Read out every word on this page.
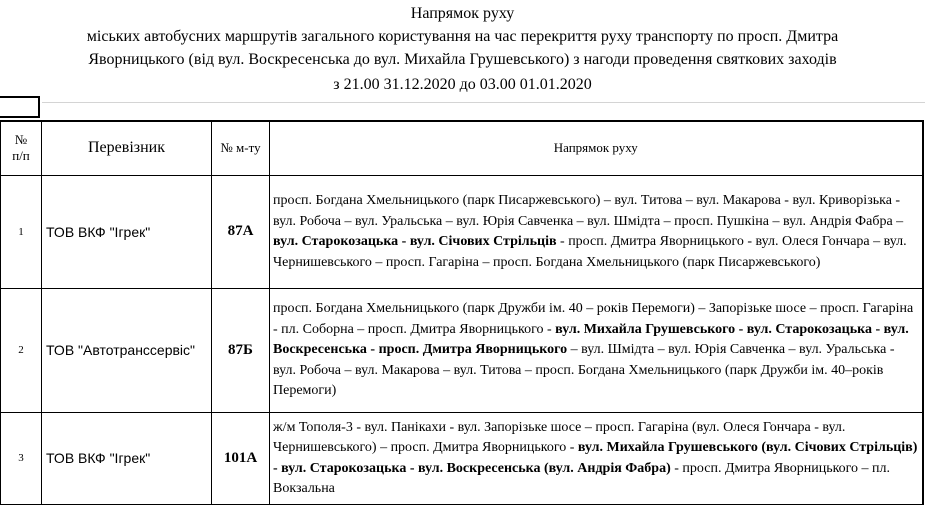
Напрямок руху
міських автобусних маршрутів загального користування на час перекриття руху транспорту по просп. Дмитра
Яворницького (від вул. Воскресенська до вул. Михайла Грушевського) з нагоди проведення святкових заходів
з 21.00 31.12.2020 до 03.00 01.01.2020
№
п/п	Перевізник	№ м-ту	Напрямок руху
1	ТОВ ВКФ "Ігрек"	87А	просп. Богдана Хмельницького (парк Писаржевського) – вул. Титова – вул. Макарова - вул. Криворізька - вул. Робоча – вул. Уральська – вул. Юрія Савченка – вул. Шмідта – просп. Пушкіна – вул. Андрія Фабра – вул. Старокозацька - вул. Січових Стрільців - просп. Дмитра Яворницького - вул. Олеся Гончара – вул. Чернишевського – просп. Гагаріна – просп. Богдана Хмельницького (парк Писаржевського)
2	ТОВ "Автотранссервіс"	87Б	просп. Богдана Хмельницького (парк Дружби ім. 40 – років Перемоги) – Запорізьке шосе – просп. Гагаріна - пл. Соборна – просп. Дмитра Яворницького - вул. Михайла Грушевського - вул. Старокозацька - вул. Воскресенська - просп. Дмитра Яворницького – вул. Шмідта – вул. Юрія Савченка – вул. Уральська - вул. Робоча – вул. Макарова – вул. Титова – просп. Богдана Хмельницького (парк Дружби ім. 40–років Перемоги)
3	ТОВ ВКФ "Ігрек"	101А	ж/м Тополя-3 - вул. Панікахи - вул. Запорізьке шосе – просп. Гагаріна (вул. Олеся Гончара - вул. Чернишевського) – просп. Дмитра Яворницького - вул. Михайла Грушевського (вул. Січових Стрільців) - вул. Старокозацька - вул. Воскресенська (вул. Андрія Фабра) - просп. Дмитра Яворницького – пл. Вокзальна
